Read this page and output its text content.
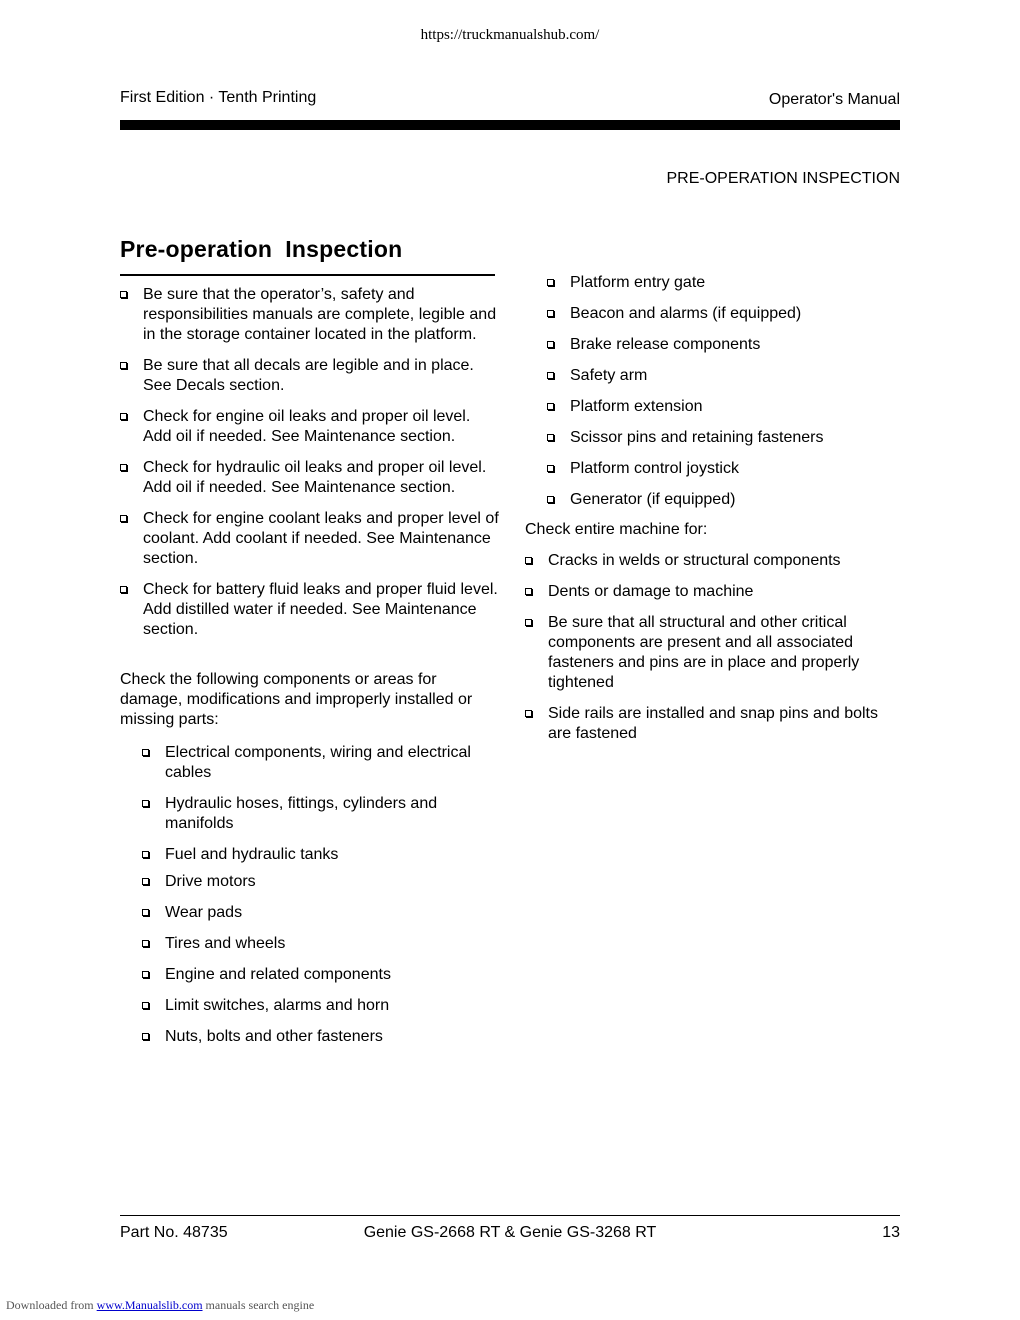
https://truckmanualshub.com/
First Edition · Tenth Printing	Operator's Manual
PRE-OPERATION INSPECTION
Pre-operation  Inspection
Be sure that the operator’s, safety and responsibilities manuals are complete, legible and in the storage container located in the platform.
Be sure that all decals are legible and in place. See Decals section.
Check for engine oil leaks and proper oil level. Add oil if needed. See Maintenance section.
Check for hydraulic oil leaks and proper oil level. Add oil if needed. See Maintenance section.
Check for engine coolant leaks and proper level of coolant. Add coolant if needed. See Maintenance section.
Check for battery fluid leaks and proper fluid level. Add distilled water if needed. See Maintenance section.
Check the following components or areas for damage, modifications and improperly installed or missing parts:
Electrical components, wiring and electrical cables
Hydraulic hoses, fittings, cylinders and manifolds
Fuel and hydraulic tanks
Drive motors
Wear pads
Tires and wheels
Engine and related components
Limit switches, alarms and horn
Nuts, bolts and other fasteners
Platform entry gate
Beacon and alarms (if equipped)
Brake release components
Safety arm
Platform extension
Scissor pins and retaining fasteners
Platform control joystick
Generator (if equipped)
Check entire machine for:
Cracks in welds or structural components
Dents or damage to machine
Be sure that all structural and other critical components are present and all associated fasteners and pins are in place and properly tightened
Side rails are installed and snap pins and bolts are fastened
Part No. 48735	Genie GS-2668 RT & Genie GS-3268 RT	13
Downloaded from www.Manualslib.com manuals search engine
